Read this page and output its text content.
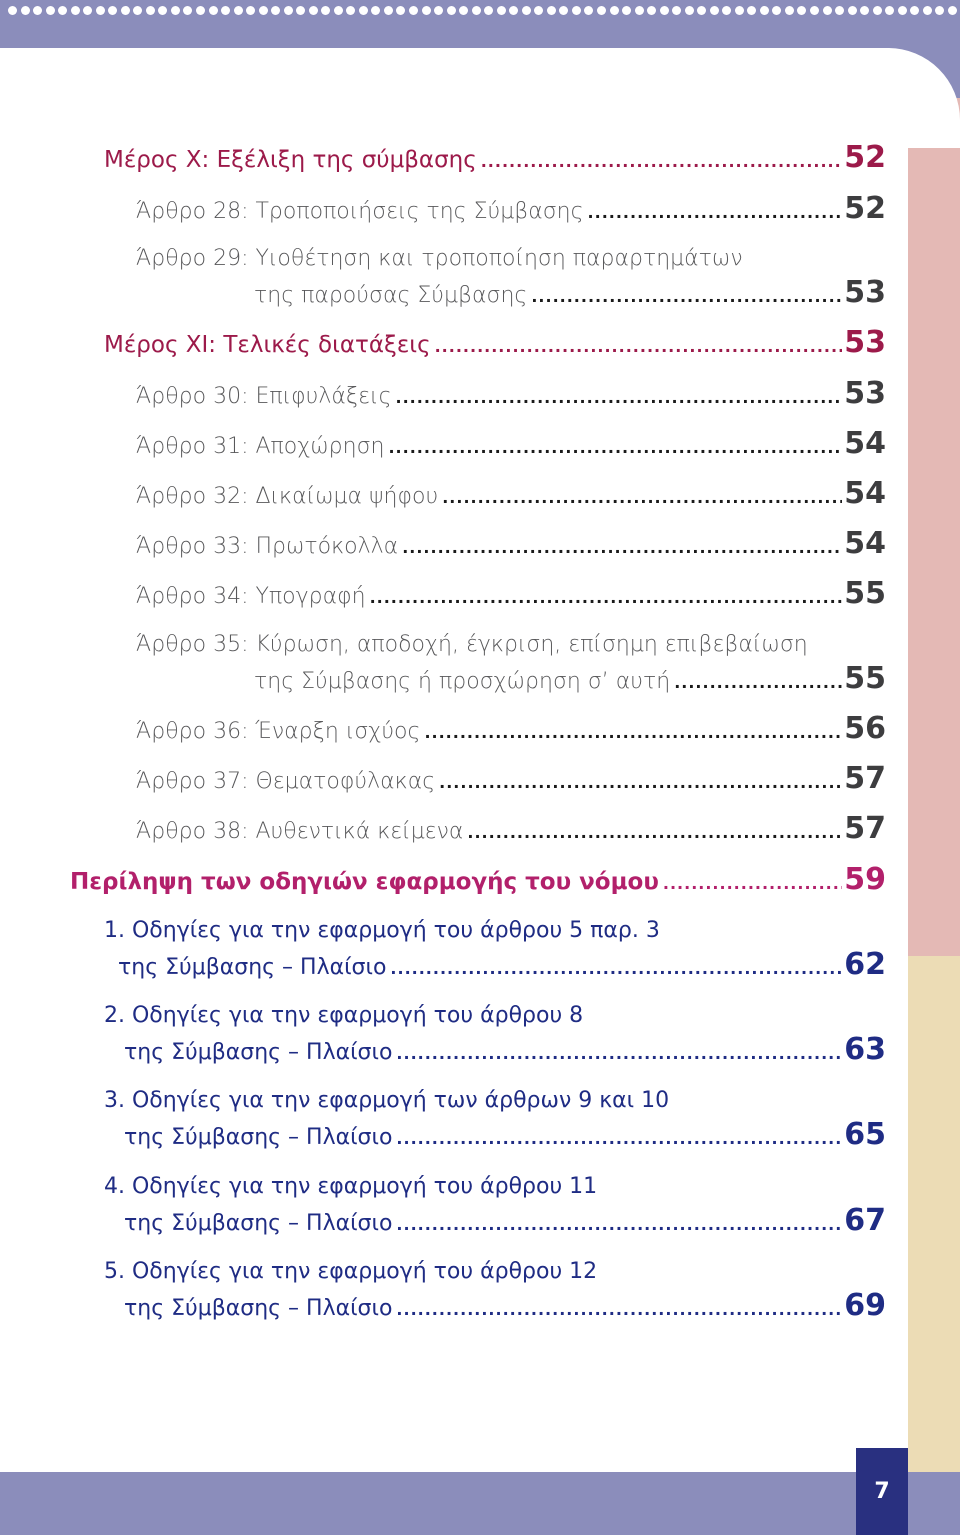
7
Μέρος Χ: Εξέλιξη της σύμβασης .....	52
Άρθρο 28: Τροποποιήσεις της Σύμβασης .....	52
Άρθρο 29: Υιοθέτηση και τροποποίηση παραρτημάτων
της παρούσας Σύμβασης .....	53
Μέρος ΧΙ: Τελικές διατάξεις .....	53
Άρθρο 30: Επιφυλάξεις .....	53
Άρθρο 31: Αποχώρηση .....	54
Άρθρο 32: Δικαίωμα ψήφου .....	54
Άρθρο 33: Πρωτόκολλα .....	54
Άρθρο 34: Υπογραφή .....	55
Άρθρο 35: Κύρωση, αποδοχή, έγκριση, επίσημη επιβεβαίωση
της Σύμβασης ή προσχώρηση σ’ αυτή .....	55
Άρθρο 36: Έναρξη ισχύος .....	56
Άρθρο 37: Θεματοφύλακας .....	57
Άρθρο 38: Αυθεντικά κείμενα .....	57
Περίληψη των οδηγιών εφαρμογής του νόμου .....	59
1. Οδηγίες για την εφαρμογή του άρθρου 5 παρ. 3
της Σύμβασης – Πλαίσιο .....	62
2. Οδηγίες για την εφαρμογή του άρθρου 8
της Σύμβασης – Πλαίσιο .....	63
3. Οδηγίες για την εφαρμογή των άρθρων 9 και 10
της Σύμβασης – Πλαίσιο .....	65
4. Οδηγίες για την εφαρμογή του άρθρου 11
της Σύμβασης – Πλαίσιο .....	67
5. Οδηγίες για την εφαρμογή του άρθρου 12
της Σύμβασης – Πλαίσιο .....	69
